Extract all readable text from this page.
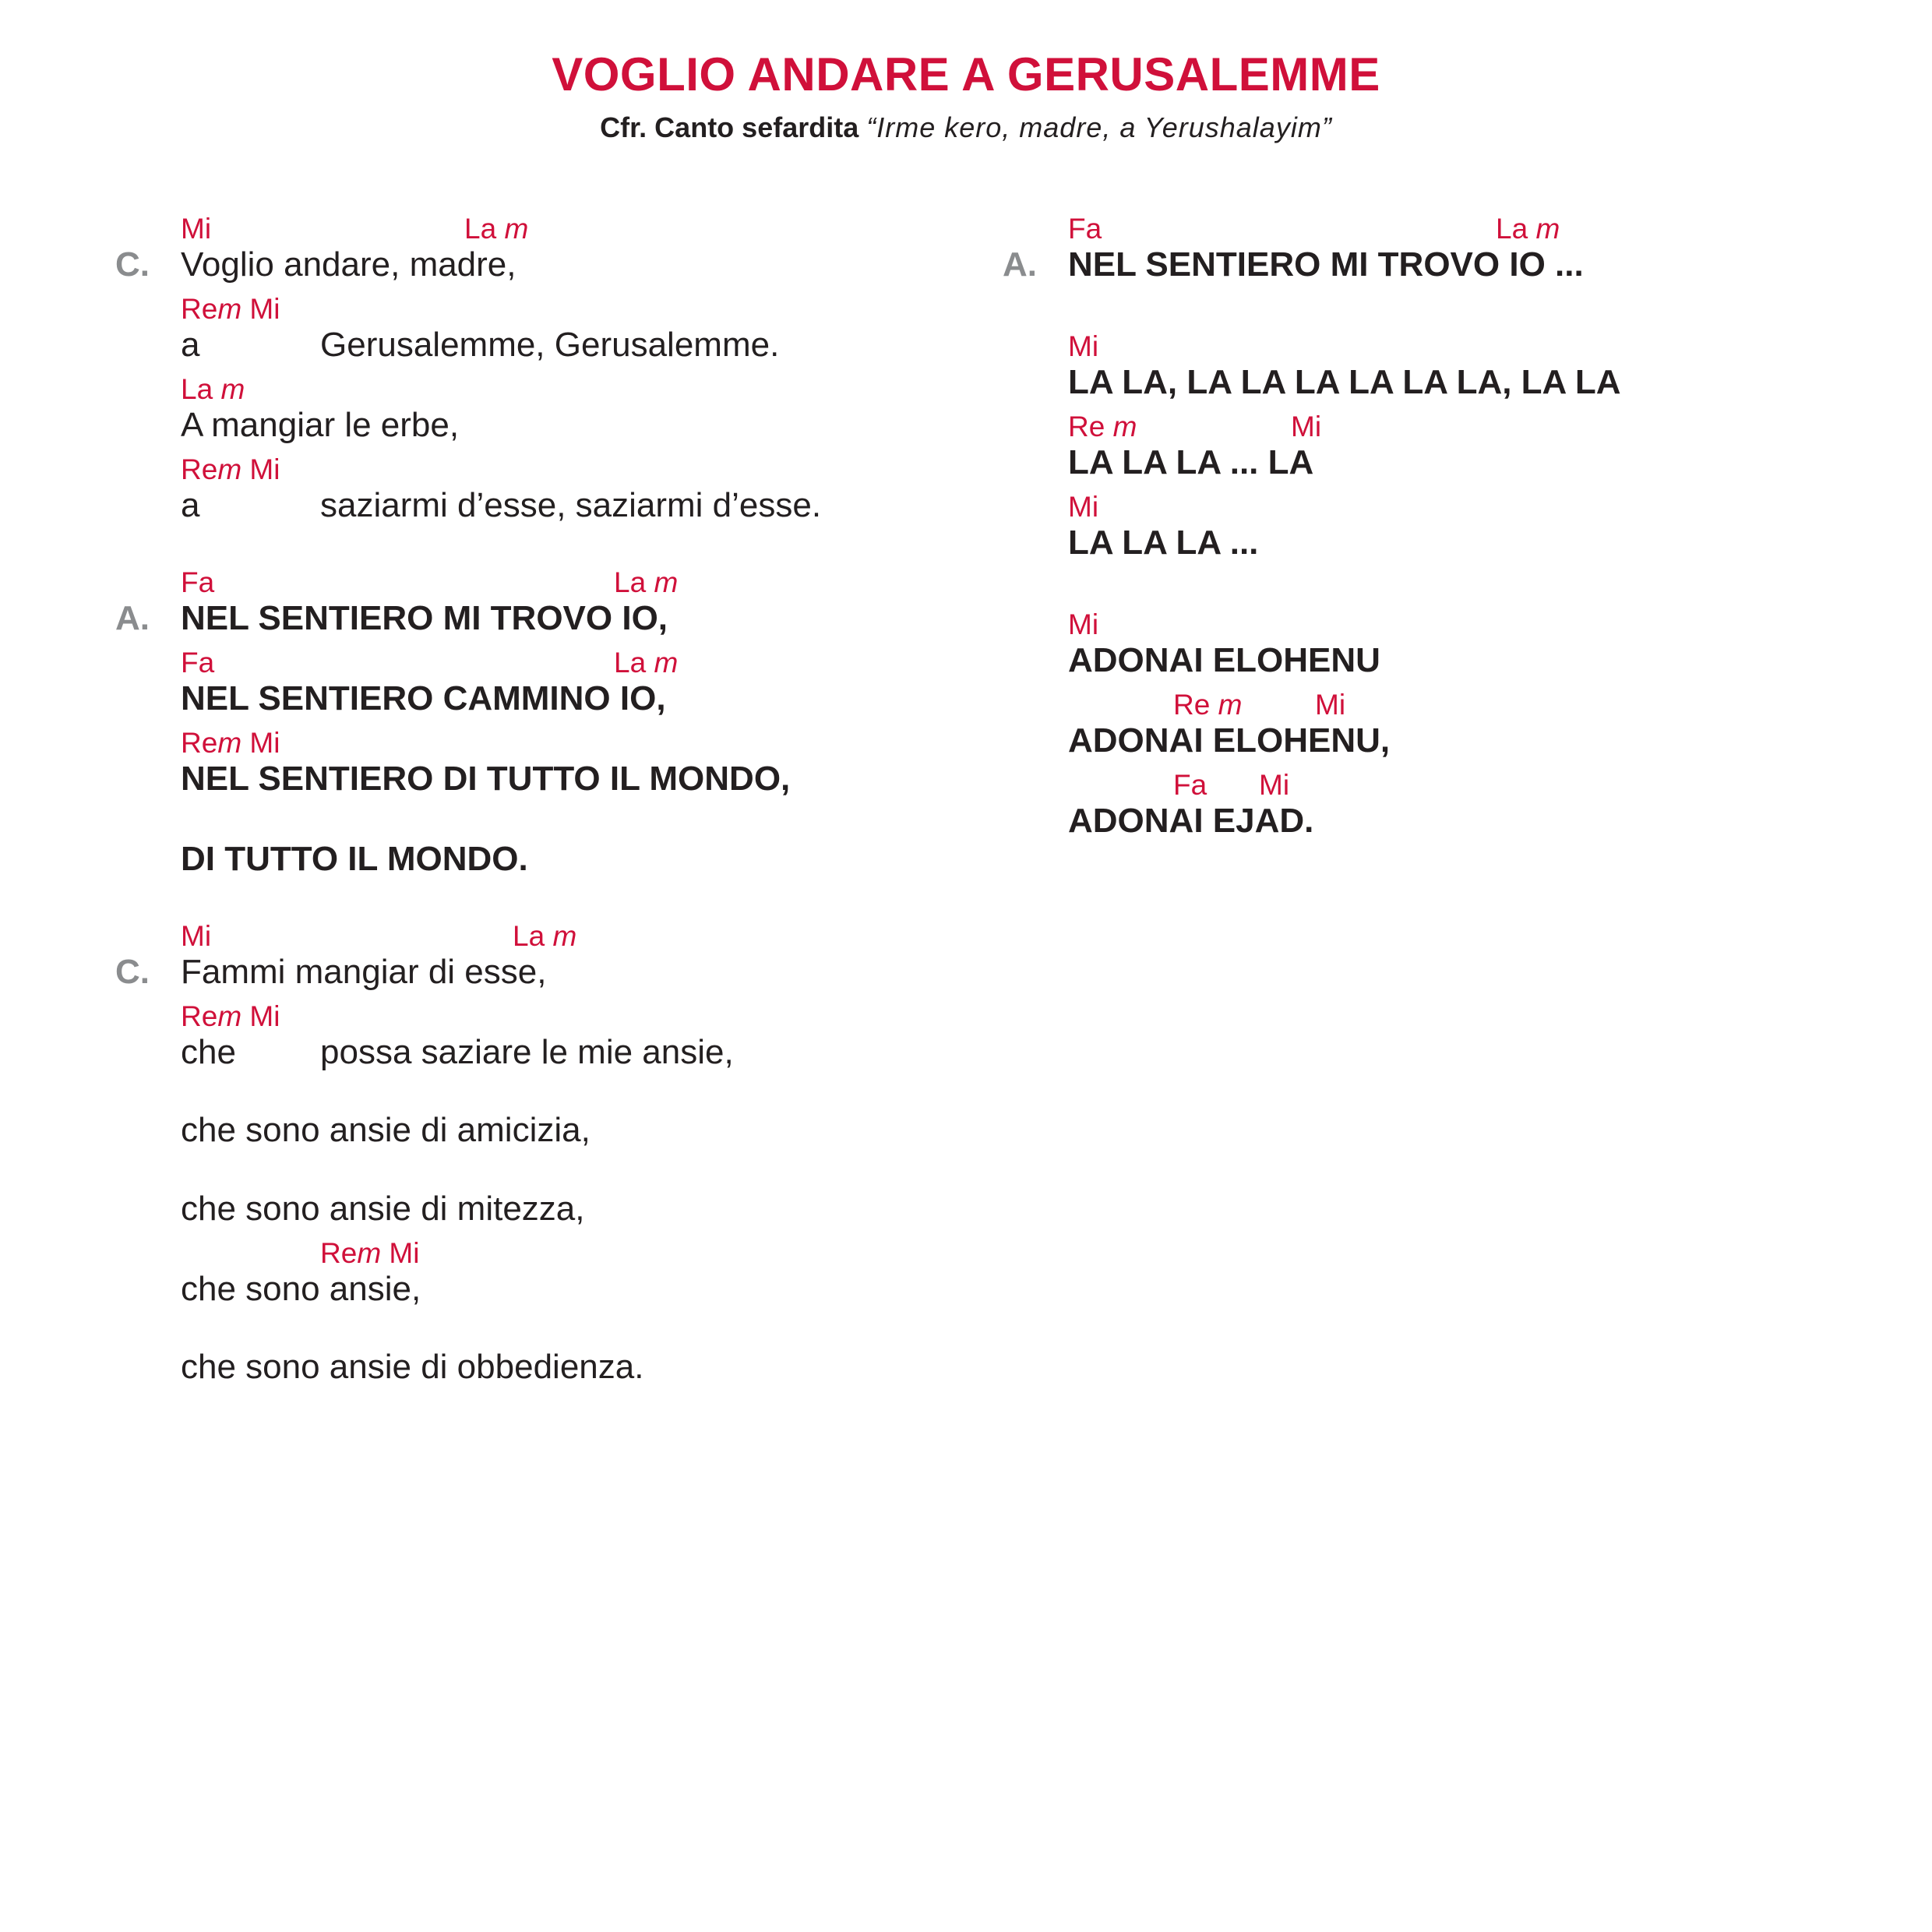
VOGLIO ANDARE A GERUSALEMME
Cfr. Canto sefardita “Irme kero, madre, a Yerushalayim”
Mi	La m
C. Voglio andare, madre,
Rem Mi
a	Gerusalemme, Gerusalemme.
La m
A mangiar le erbe,
Rem Mi
a	saziarmi d’esse, saziarmi d’esse.
Fa	La m
A. NEL SENTIERO MI TROVO IO,
Fa	La m
NEL SENTIERO CAMMINO IO,
Rem Mi
NEL SENTIERO DI TUTTO IL MONDO,
DI TUTTO IL MONDO.
Mi	La m
C. Fammi mangiar di esse,
Rem Mi
che possa saziare le mie ansie,
che sono ansie di amicizia,
che sono ansie di mitezza,
Rem Mi
che sono ansie,
che sono ansie di obbedienza.
Fa	La m
A. NEL SENTIERO MI TROVO IO ...
Mi
LA LA, LA LA LA LA LA LA, LA LA
Re m	Mi
LA LA LA ... LA
Mi
LA LA LA ...
Mi
ADONAI ELOHENU
Re m	Mi
ADONAI ELOHENU,
Fa Mi
ADONAI EJAD.
